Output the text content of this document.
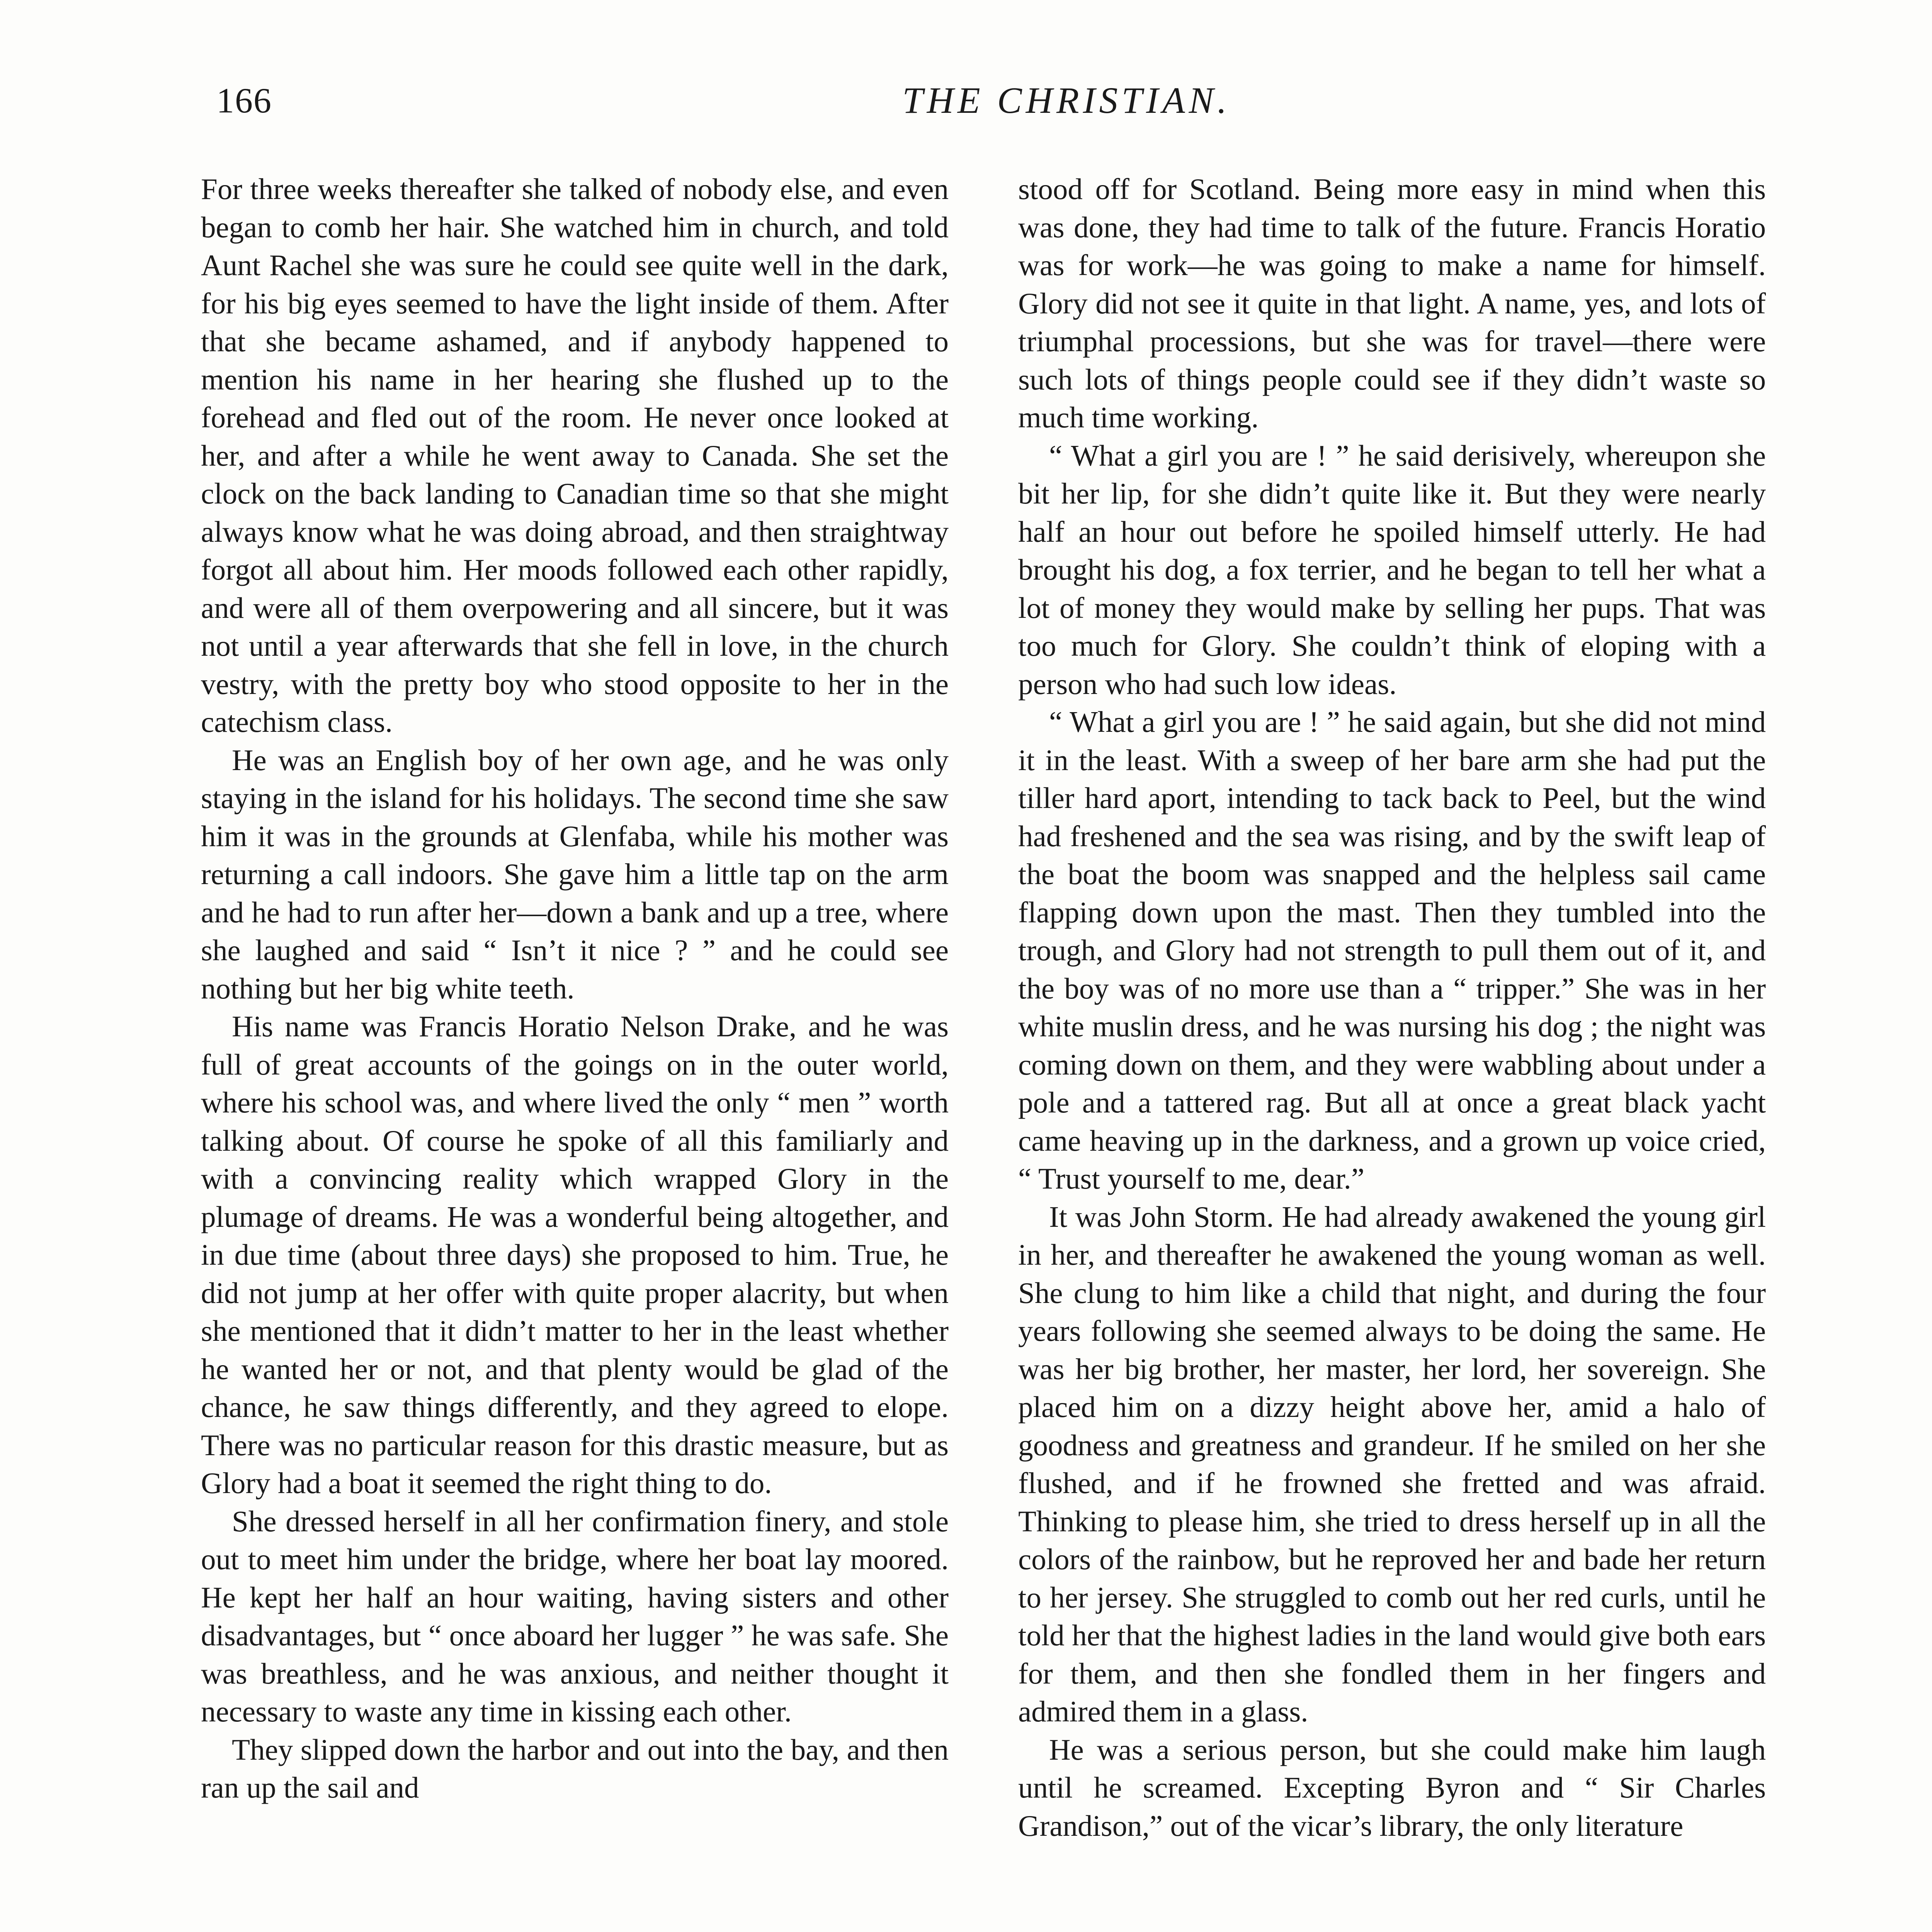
166	THE CHRISTIAN.

For three weeks thereafter she talked of nobody else, and even began to comb her hair. She watched him in church, and told Aunt Rachel she was sure he could see quite well in the dark, for his big eyes seemed to have the light inside of them. After that she became ashamed, and if anybody happened to mention his name in her hearing she flushed up to the forehead and fled out of the room. He never once looked at her, and after a while he went away to Canada. She set the clock on the back landing to Canadian time so that she might always know what he was doing abroad, and then straightway forgot all about him. Her moods followed each other rapidly, and were all of them overpowering and all sincere, but it was not until a year afterwards that she fell in love, in the church vestry, with the pretty boy who stood opposite to her in the catechism class.

He was an English boy of her own age, and he was only staying in the island for his holidays. The second time she saw him it was in the grounds at Glenfaba, while his mother was returning a call indoors. She gave him a little tap on the arm and he had to run after her—down a bank and up a tree, where she laughed and said “ Isn’t it nice ? ” and he could see nothing but her big white teeth.

His name was Francis Horatio Nelson Drake, and he was full of great accounts of the goings on in the outer world, where his school was, and where lived the only “ men ” worth talking about. Of course he spoke of all this familiarly and with a convincing reality which wrapped Glory in the plumage of dreams. He was a wonderful being altogether, and in due time (about three days) she proposed to him. True, he did not jump at her offer with quite proper alacrity, but when she mentioned that it didn’t matter to her in the least whether he wanted her or not, and that plenty would be glad of the chance, he saw things differently, and they agreed to elope. There was no particular reason for this drastic measure, but as Glory had a boat it seemed the right thing to do.

She dressed herself in all her confirmation finery, and stole out to meet him under the bridge, where her boat lay moored. He kept her half an hour waiting, having sisters and other disadvantages, but “ once aboard her lugger ” he was safe. She was breathless, and he was anxious, and neither thought it necessary to waste any time in kissing each other.

They slipped down the harbor and out into the bay, and then ran up the sail and

stood off for Scotland. Being more easy in mind when this was done, they had time to talk of the future. Francis Horatio was for work—he was going to make a name for himself. Glory did not see it quite in that light. A name, yes, and lots of triumphal processions, but she was for travel—there were such lots of things people could see if they didn’t waste so much time working.

“ What a girl you are ! ” he said derisively, whereupon she bit her lip, for she didn’t quite like it. But they were nearly half an hour out before he spoiled himself utterly. He had brought his dog, a fox terrier, and he began to tell her what a lot of money they would make by selling her pups. That was too much for Glory. She couldn’t think of eloping with a person who had such low ideas.

“ What a girl you are ! ” he said again, but she did not mind it in the least. With a sweep of her bare arm she had put the tiller hard aport, intending to tack back to Peel, but the wind had freshened and the sea was rising, and by the swift leap of the boat the boom was snapped and the helpless sail came flapping down upon the mast. Then they tumbled into the trough, and Glory had not strength to pull them out of it, and the boy was of no more use than a “ tripper.” She was in her white muslin dress, and he was nursing his dog ; the night was coming down on them, and they were wabbling about under a pole and a tattered rag. But all at once a great black yacht came heaving up in the darkness, and a grown up voice cried, “ Trust yourself to me, dear.”

It was John Storm. He had already awakened the young girl in her, and thereafter he awakened the young woman as well. She clung to him like a child that night, and during the four years following she seemed always to be doing the same. He was her big brother, her master, her lord, her sovereign. She placed him on a dizzy height above her, amid a halo of goodness and greatness and grandeur. If he smiled on her she flushed, and if he frowned she fretted and was afraid. Thinking to please him, she tried to dress herself up in all the colors of the rainbow, but he reproved her and bade her return to her jersey. She struggled to comb out her red curls, until he told her that the highest ladies in the land would give both ears for them, and then she fondled them in her fingers and admired them in a glass.

He was a serious person, but she could make him laugh until he screamed. Excepting Byron and “ Sir Charles Grandison,” out of the vicar’s library, the only literature
